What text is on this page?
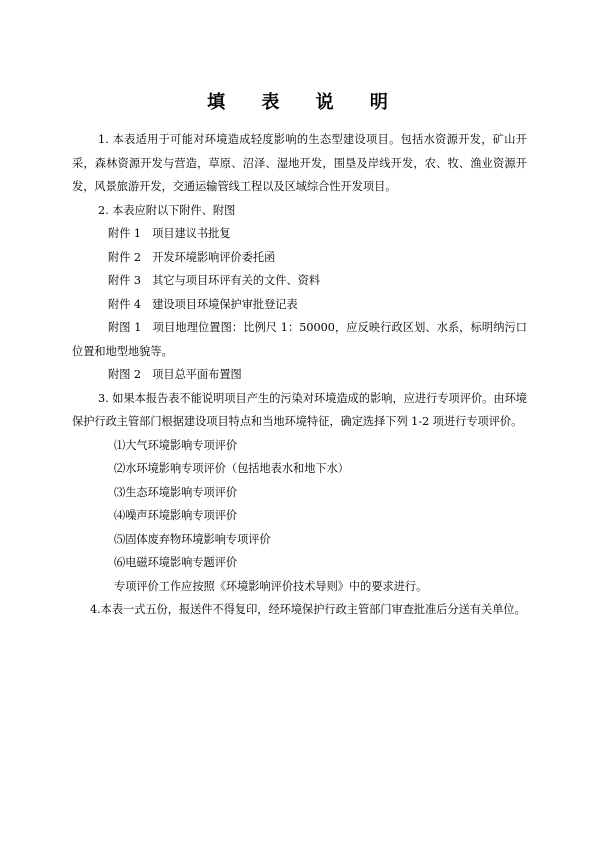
填 表 说 明

1. 本表适用于可能对环境造成轻度影响的生态型建设项目。包括水资源开发，矿山开采，森林资源开发与营造，草原、沼泽、湿地开发，围垦及岸线开发，农、牧、渔业资源开发，风景旅游开发，交通运输管线工程以及区域综合性开发项目。

2. 本表应附以下附件、附图

附件 1　项目建议书批复

附件 2　开发环境影响评价委托函

附件 3　其它与项目环评有关的文件、资料

附件 4　建设项目环境保护审批登记表

附图 1　项目地理位置图：比例尺 1：50000，应反映行政区划、水系，标明纳污口位置和地型地貌等。

附图 2　项目总平面布置图

3. 如果本报告表不能说明项目产生的污染对环境造成的影响，应进行专项评价。由环境保护行政主管部门根据建设项目特点和当地环境特征，确定选择下列 1-2 项进行专项评价。

⑴大气环境影响专项评价

⑵水环境影响专项评价（包括地表水和地下水）

⑶生态环境影响专项评价

⑷噪声环境影响专项评价

⑸固体废弃物环境影响专项评价

⑹电磁环境影响专题评价

专项评价工作应按照《环境影响评价技术导则》中的要求进行。

4.本表一式五份，报送件不得复印，经环境保护行政主管部门审查批准后分送有关单位。
